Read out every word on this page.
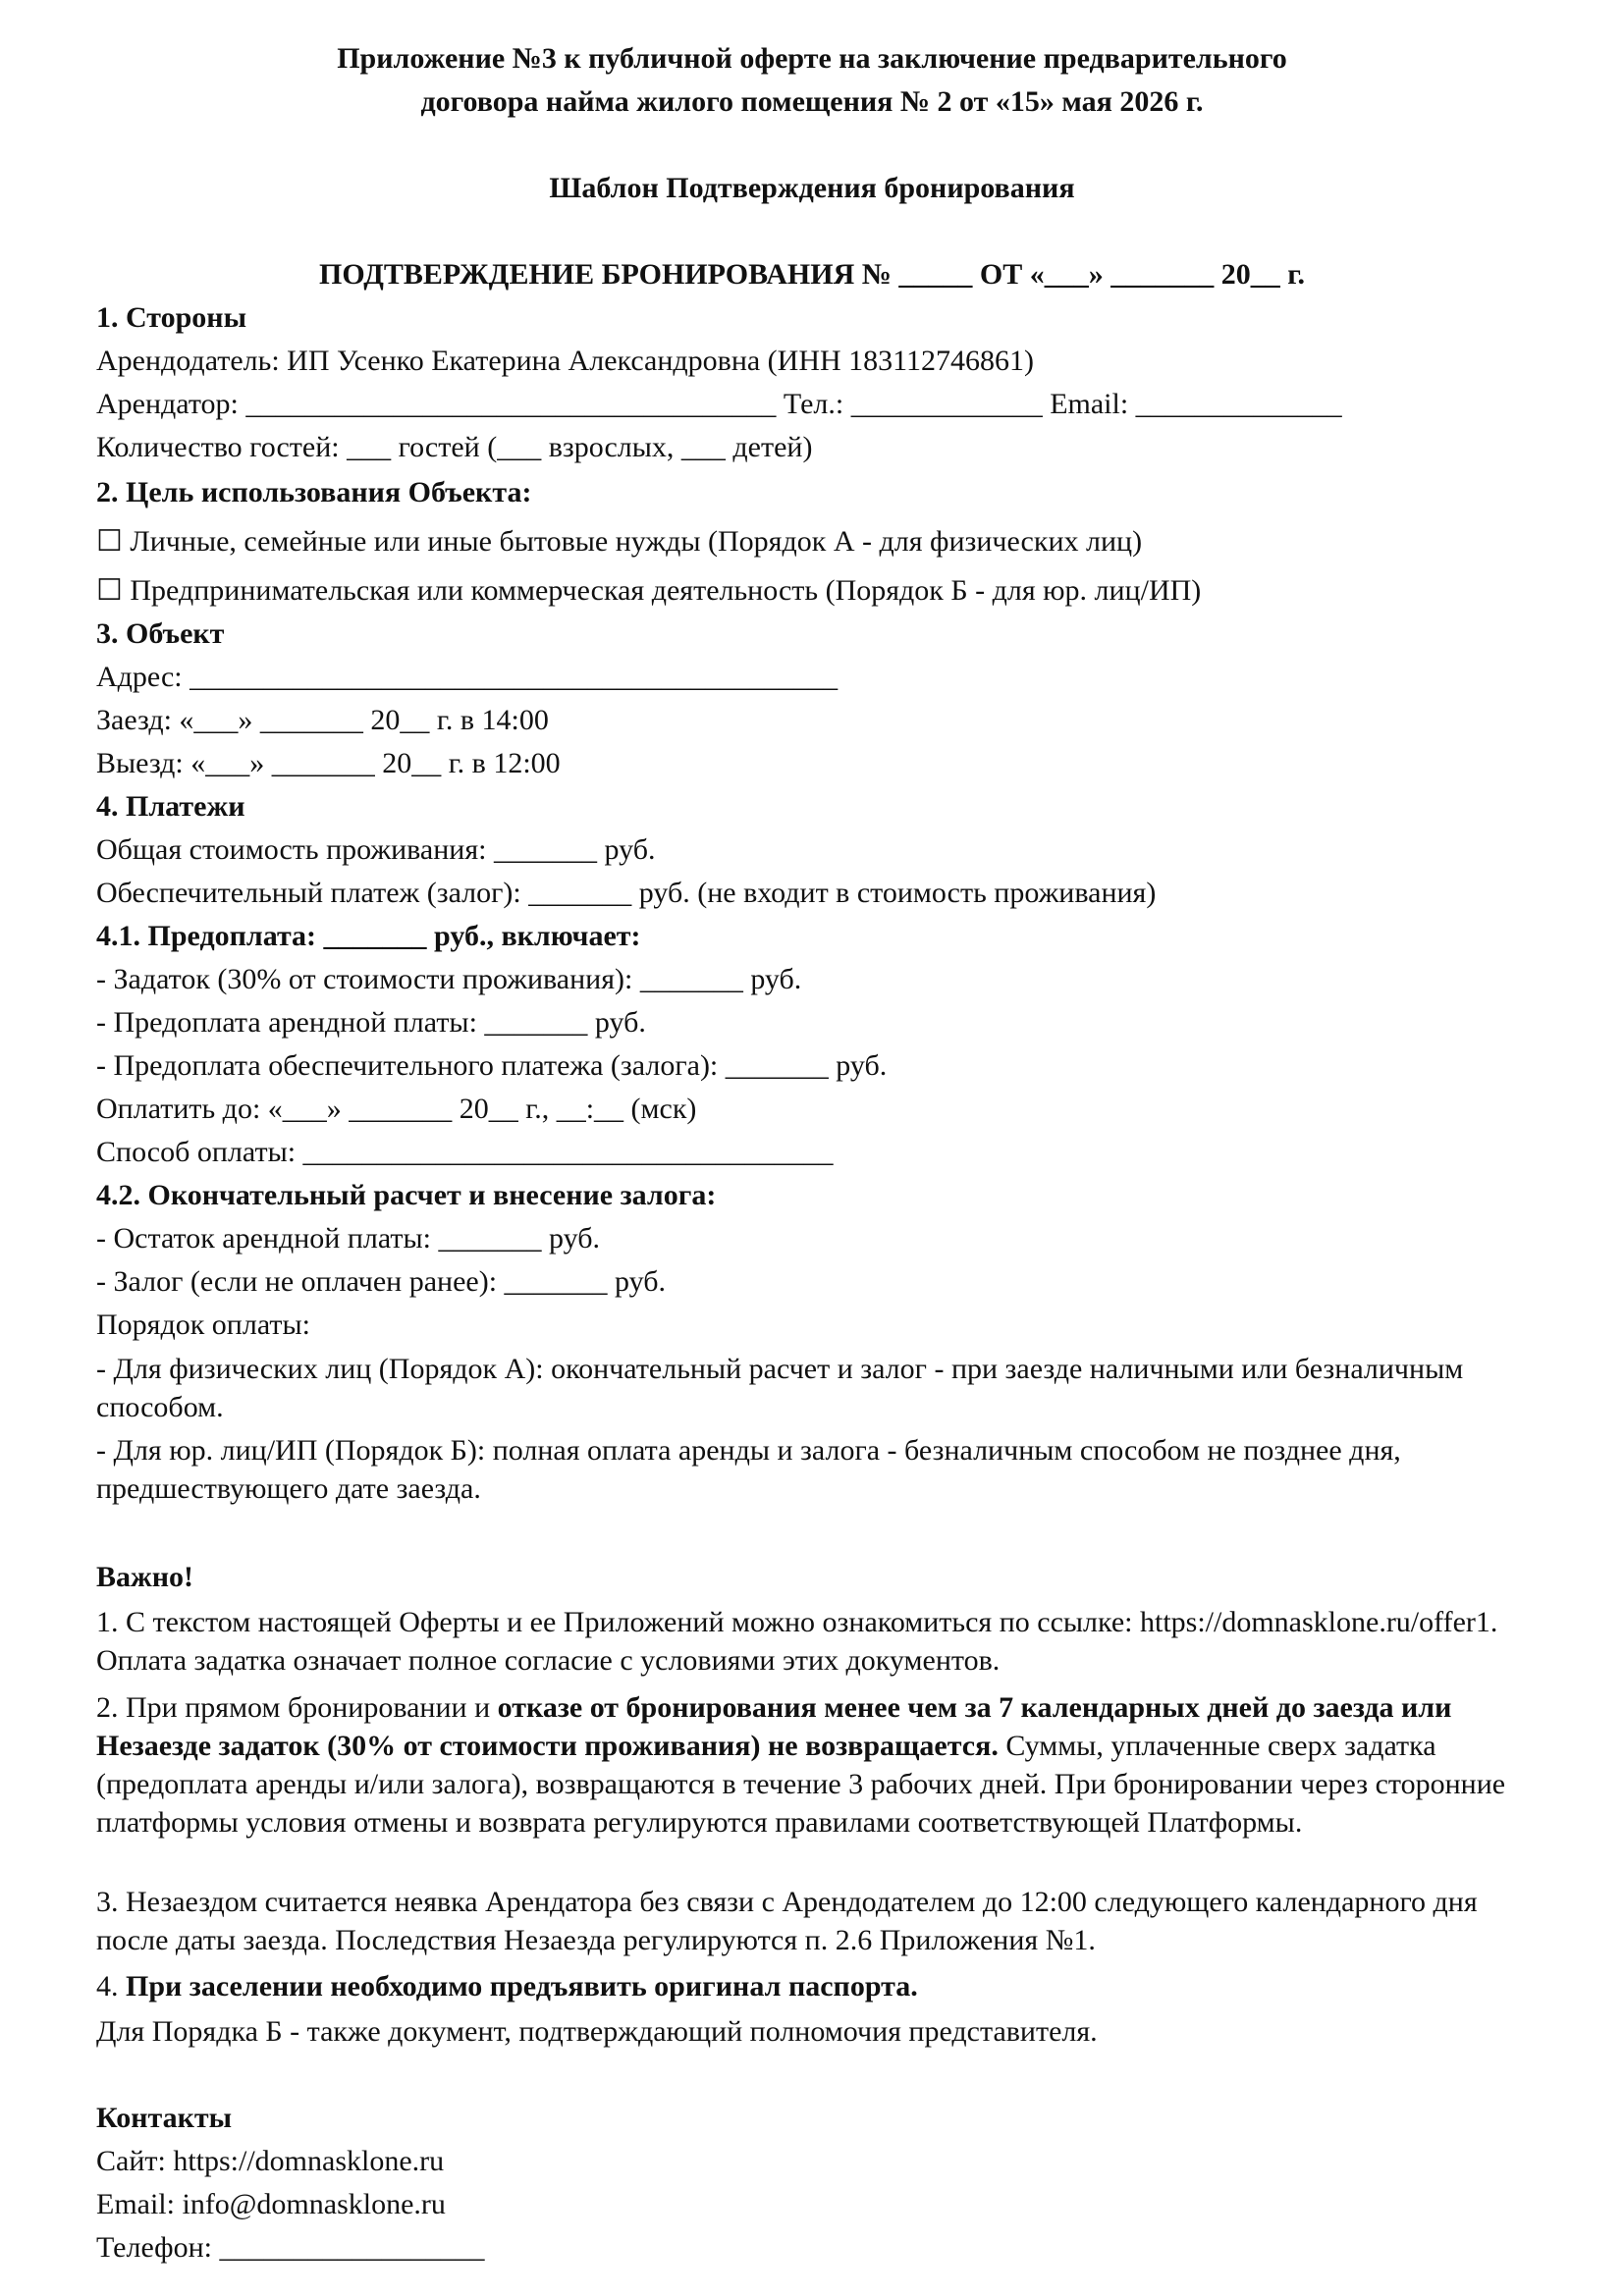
Приложение №3 к публичной оферте на заключение предварительного
договора найма жилого помещения № 2 от «15» мая 2026 г.
Шаблон Подтверждения бронирования
ПОДТВЕРЖДЕНИЕ БРОНИРОВАНИЯ № _____ ОТ «___» _______ 20__ г.
1. Стороны
Арендодатель: ИП Усенко Екатерина Александровна (ИНН 183112746861)
Арендатор: ____________________________________ Тел.: _____________ Email: ______________
Количество гостей: ___ гостей (___ взрослых, ___ детей)
2. Цель использования Объекта:
☐ Личные, семейные или иные бытовые нужды (Порядок А - для физических лиц)
☐ Предпринимательская или коммерческая деятельность (Порядок Б - для юр. лиц/ИП)
3. Объект
Адрес: ____________________________________________
Заезд: «___» _______ 20__ г. в 14:00
Выезд: «___» _______ 20__ г. в 12:00
4. Платежи
Общая стоимость проживания: _______ руб.
Обеспечительный платеж (залог): _______ руб. (не входит в стоимость проживания)
4.1. Предоплата: _______ руб., включает:
- Задаток (30% от стоимости проживания): _______ руб.
- Предоплата арендной платы: _______ руб.
- Предоплата обеспечительного платежа (залога): _______ руб.
Оплатить до: «___» _______ 20__ г., __:__ (мск)
Способ оплаты: ____________________________________
4.2. Окончательный расчет и внесение залога:
- Остаток арендной платы: _______ руб.
- Залог (если не оплачен ранее): _______ руб.
Порядок оплаты:
- Для физических лиц (Порядок А): окончательный расчет и залог - при заезде наличными или безналичным способом.
- Для юр. лиц/ИП (Порядок Б): полная оплата аренды и залога - безналичным способом не позднее дня, предшествующего дате заезда.
Важно!
1. С текстом настоящей Оферты и ее Приложений можно ознакомиться по ссылке: https://domnasklone.ru/offer1. Оплата задатка означает полное согласие с условиями этих документов.
2. При прямом бронировании и отказе от бронирования менее чем за 7 календарных дней до заезда или Незаезде задаток (30% от стоимости проживания) не возвращается. Суммы, уплаченные сверх задатка (предоплата аренды и/или залога), возвращаются в течение 3 рабочих дней. При бронировании через сторонние платформы условия отмены и возврата регулируются правилами соответствующей Платформы.
3. Незаездом считается неявка Арендатора без связи с Арендодателем до 12:00 следующего календарного дня после даты заезда. Последствия Незаезда регулируются п. 2.6 Приложения №1.
4. При заселении необходимо предъявить оригинал паспорта.
Для Порядка Б - также документ, подтверждающий полномочия представителя.
Контакты
Сайт: https://domnasklone.ru
Email: info@domnasklone.ru
Телефон: __________________
